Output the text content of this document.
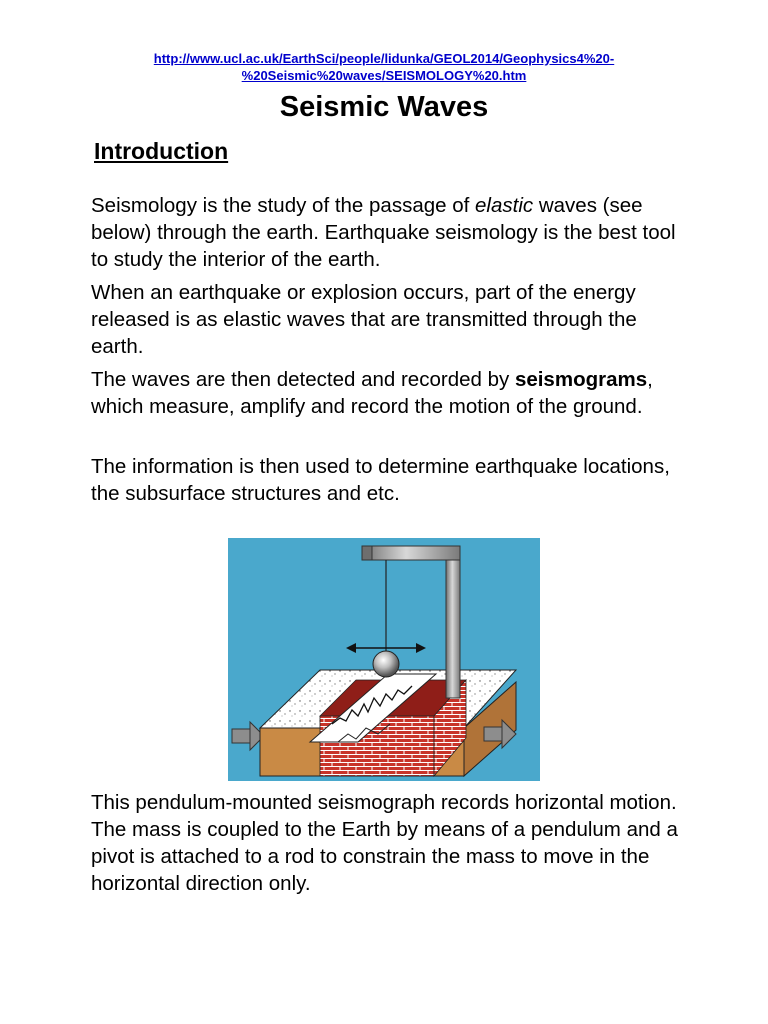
http://www.ucl.ac.uk/EarthSci/people/lidunka/GEOL2014/Geophysics4%20-
%20Seismic%20waves/SEISMOLOGY%20.htm
Seismic Waves
Introduction

Seismology is the study of the passage of elastic waves (see below) through the earth. Earthquake seismology is the best tool to study the interior of the earth.

When an earthquake or explosion occurs, part of the energy released is as elastic waves that are transmitted through the earth.

The waves are then detected and recorded by seismograms, which measure, amplify and record the motion of the ground.

The information is then used to determine earthquake locations, the subsurface structures and etc.

This pendulum-mounted seismograph records horizontal motion. The mass is coupled to the Earth by means of a pendulum and a pivot is attached to a rod to constrain the mass to move in the horizontal direction only.
